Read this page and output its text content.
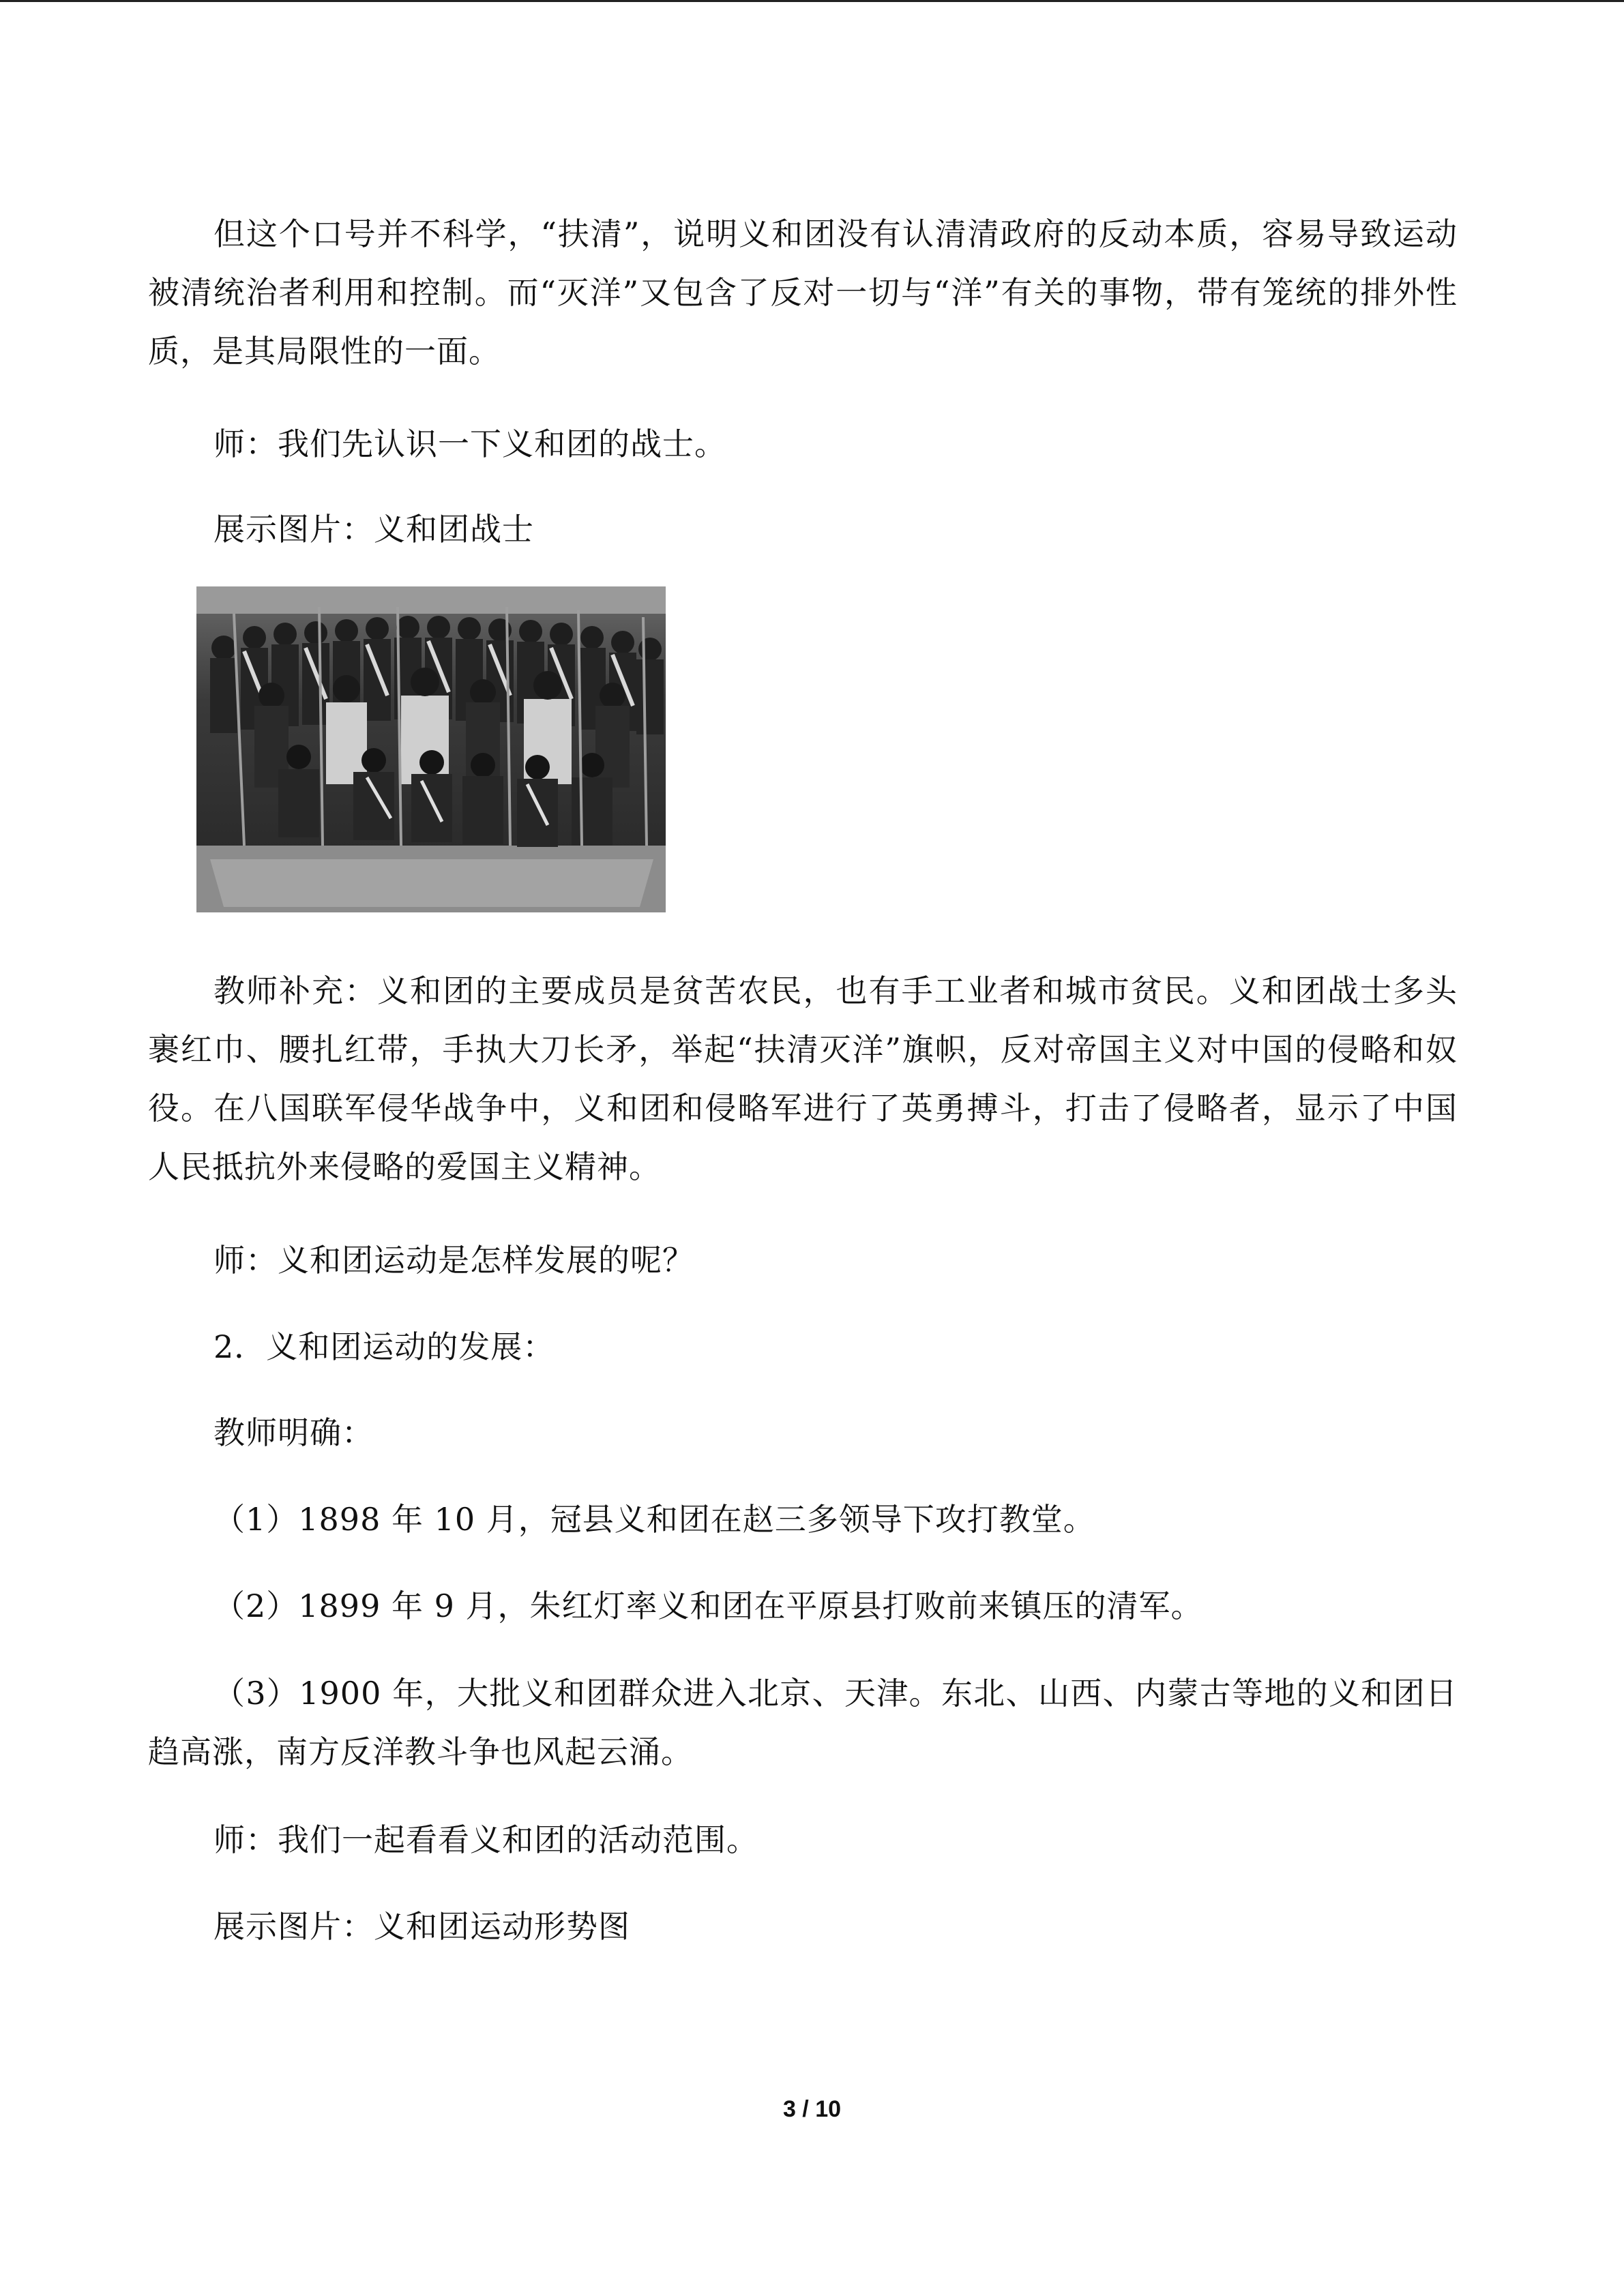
但这个口号并不科学，“扶清”，说明义和团没有认清清政府的反动本质，容易导致运动被清统治者利用和控制。而“灭洋”又包含了反对一切与“洋”有关的事物，带有笼统的排外性质，是其局限性的一面。

师：我们先认识一下义和团的战士。

展示图片：义和团战士

教师补充：义和团的主要成员是贫苦农民，也有手工业者和城市贫民。义和团战士多头裹红巾、腰扎红带，手执大刀长矛，举起“扶清灭洋”旗帜，反对帝国主义对中国的侵略和奴役。在八国联军侵华战争中，义和团和侵略军进行了英勇搏斗，打击了侵略者，显示了中国人民抵抗外来侵略的爱国主义精神。

师：义和团运动是怎样发展的呢？

2．义和团运动的发展：

教师明确：

（1）1898 年 10 月，冠县义和团在赵三多领导下攻打教堂。

（2）1899 年 9 月，朱红灯率义和团在平原县打败前来镇压的清军。

（3）1900 年，大批义和团群众进入北京、天津。东北、山西、内蒙古等地的义和团日趋高涨，南方反洋教斗争也风起云涌。

师：我们一起看看义和团的活动范围。

展示图片：义和团运动形势图

3 / 10
